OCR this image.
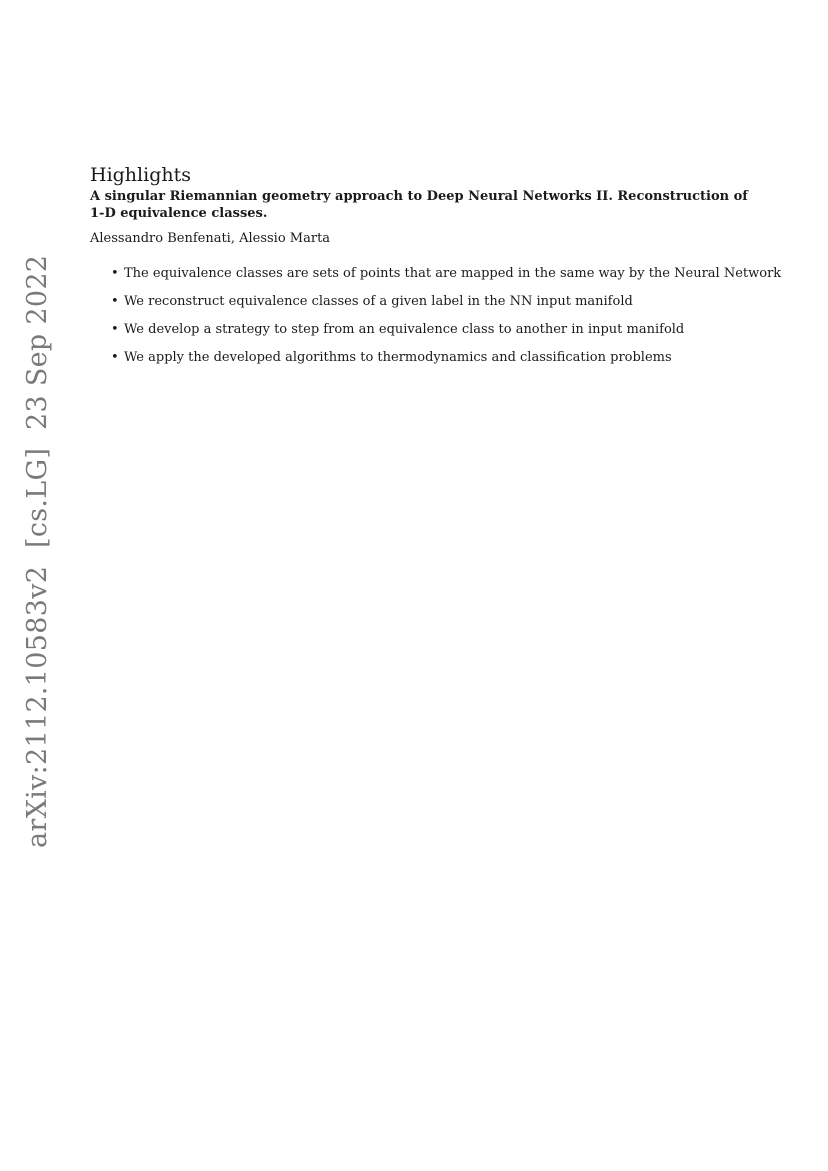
arXiv:2112.10583v2  [cs.LG]  23 Sep 2022
Highlights
A singular Riemannian geometry approach to Deep Neural Networks II. Reconstruction of 1-D equivalence classes.
Alessandro Benfenati, Alessio Marta
• The equivalence classes are sets of points that are mapped in the same way by the Neural Network
• We reconstruct equivalence classes of a given label in the NN input manifold
• We develop a strategy to step from an equivalence class to another in input manifold
• We apply the developed algorithms to thermodynamics and classification problems
